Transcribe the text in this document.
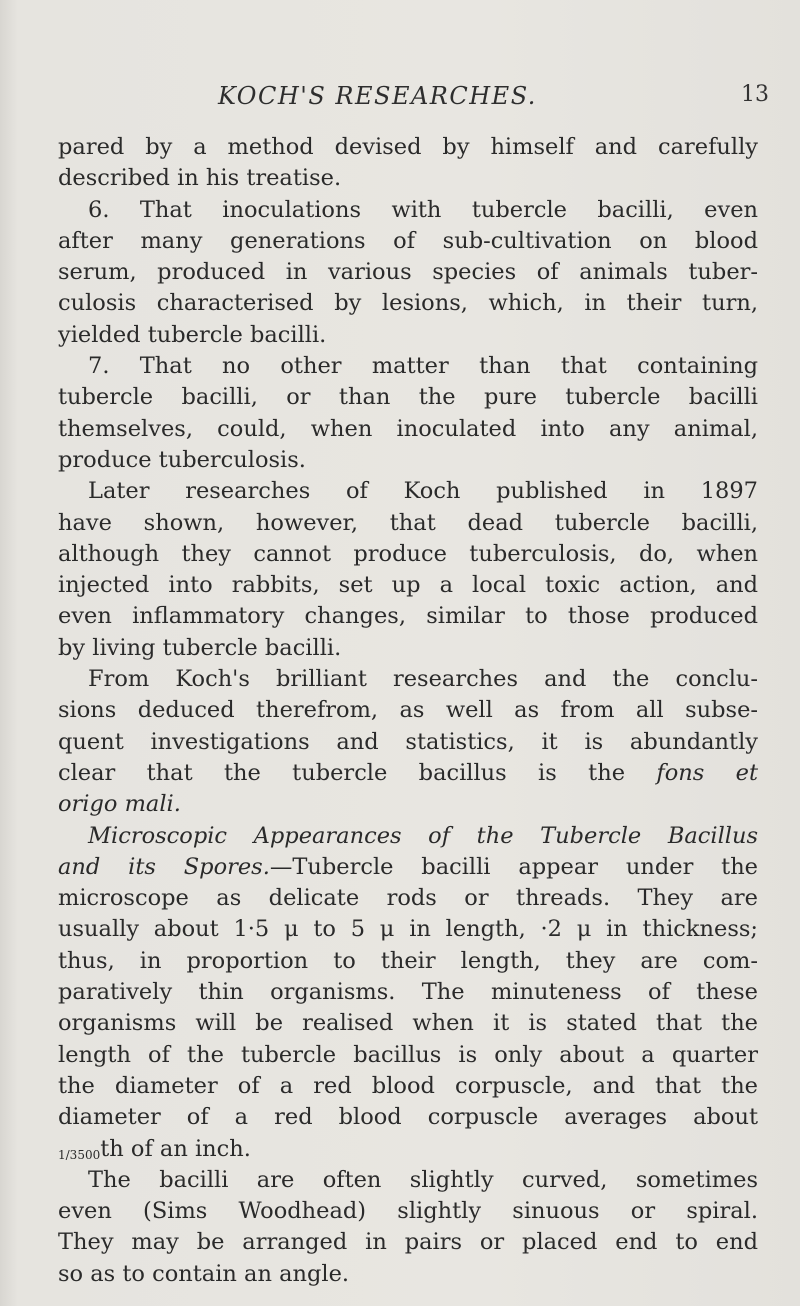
KOCH'S RESEARCHES.	13
pared by a method devised by himself and carefully
described in his treatise.
6. That inoculations with tubercle bacilli, even
after many generations of sub-cultivation on blood
serum, produced in various species of animals tuber-
culosis characterised by lesions, which, in their turn,
yielded tubercle bacilli.
7. That no other matter than that containing
tubercle bacilli, or than the pure tubercle bacilli
themselves, could, when inoculated into any animal,
produce tuberculosis.
Later researches of Koch published in 1897
have shown, however, that dead tubercle bacilli,
although they cannot produce tuberculosis, do, when
injected into rabbits, set up a local toxic action, and
even inflammatory changes, similar to those produced
by living tubercle bacilli.
From Koch's brilliant researches and the conclu-
sions deduced therefrom, as well as from all subse-
quent investigations and statistics, it is abundantly
clear that the tubercle bacillus is the fons et
origo mali.
Microscopic Appearances of the Tubercle Bacillus
and its Spores.—Tubercle bacilli appear under the
microscope as delicate rods or threads. They are
usually about 1·5 μ to 5 μ in length, ·2 μ in thickness;
thus, in proportion to their length, they are com-
paratively thin organisms. The minuteness of these
organisms will be realised when it is stated that the
length of the tubercle bacillus is only about a quarter
the diameter of a red blood corpuscle, and that the
diameter of a red blood corpuscle averages about
1/3500th of an inch.
The bacilli are often slightly curved, sometimes
even (Sims Woodhead) slightly sinuous or spiral.
They may be arranged in pairs or placed end to end
so as to contain an angle.
